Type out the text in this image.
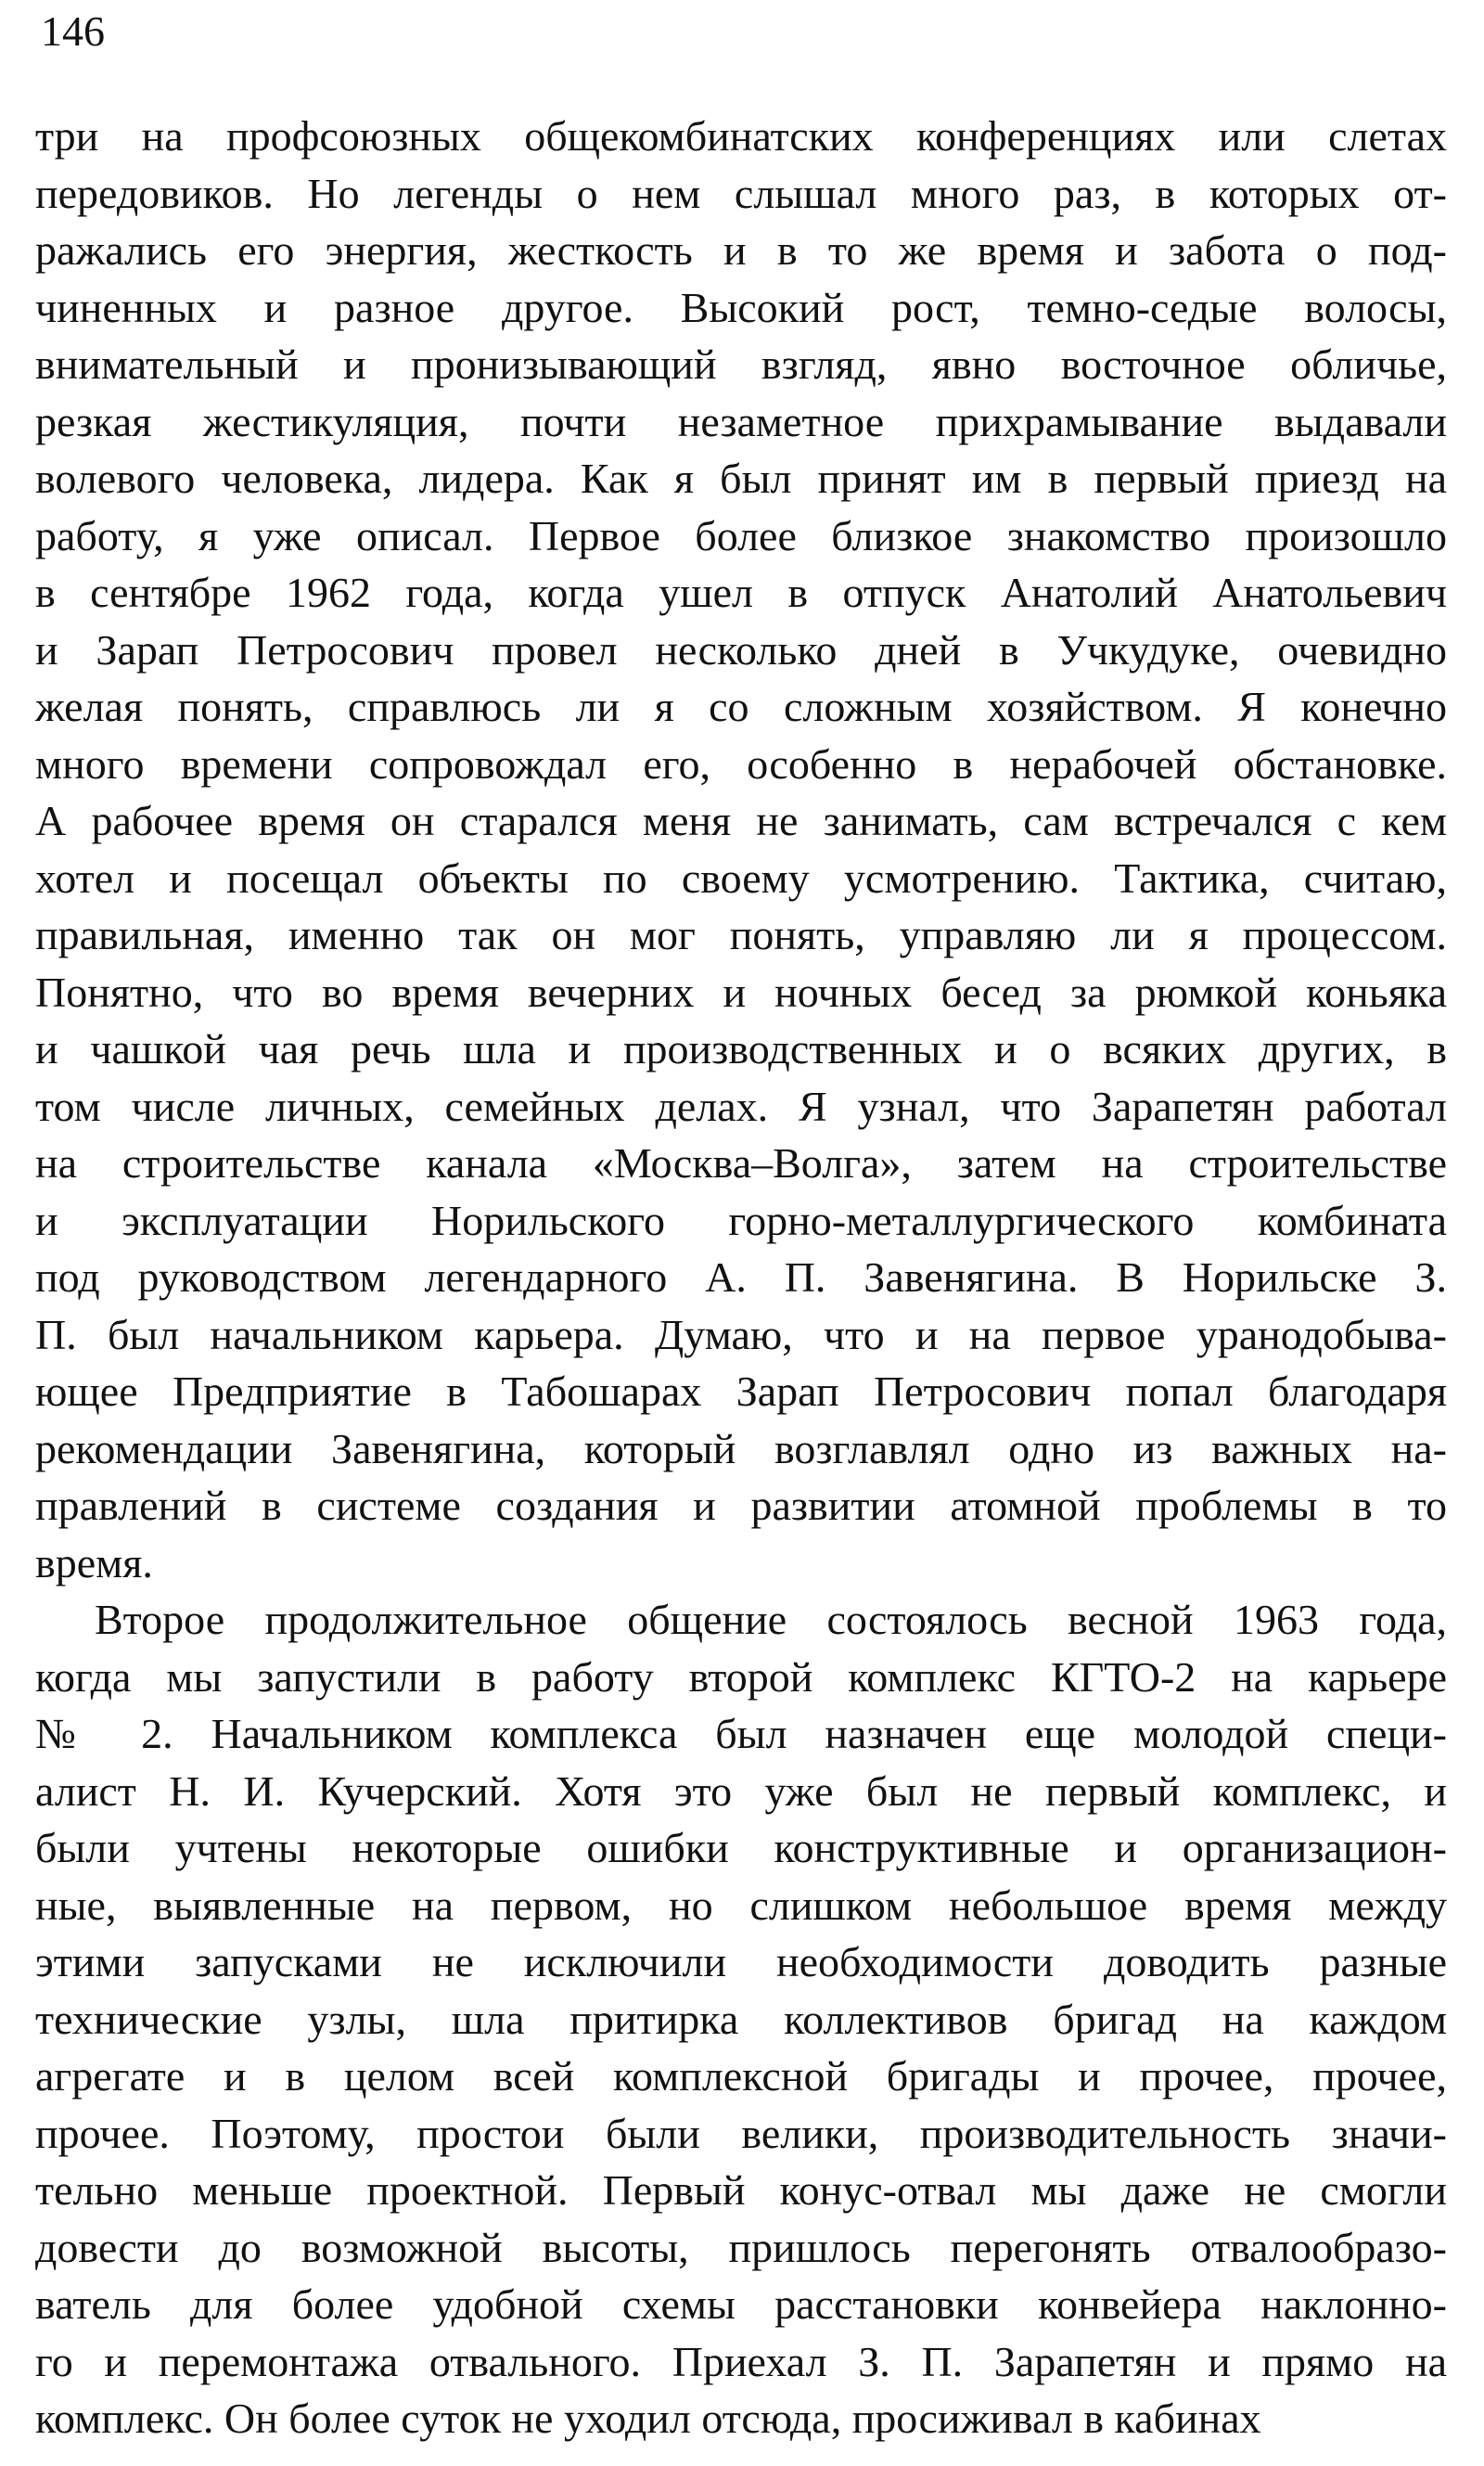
146
три на профсоюзных общекомбинатских конференциях или слетах
передовиков. Но легенды о нем слышал много раз, в которых от-
ражались его энергия, жесткость и в то же время и забота о под-
чиненных и разное другое. Высокий рост, темно-седые волосы,
внимательный и пронизывающий взгляд, явно восточное обличье,
резкая жестикуляция, почти незаметное прихрамывание выдавали
волевого человека, лидера. Как я был принят им в первый приезд на
работу, я уже описал. Первое более близкое знакомство произошло
в сентябре 1962 года, когда ушел в отпуск Анатолий Анатольевич
и Зарап Петросович провел несколько дней в Учкудуке, очевидно
желая понять, справлюсь ли я со сложным хозяйством. Я конечно
много времени сопровождал его, особенно в нерабочей обстановке.
А рабочее время он старался меня не занимать, сам встречался с кем
хотел и посещал объекты по своему усмотрению. Тактика, считаю,
правильная, именно так он мог понять, управляю ли я процессом.
Понятно, что во время вечерних и ночных бесед за рюмкой коньяка
и чашкой чая речь шла и производственных и о всяких других, в
том числе личных, семейных делах. Я узнал, что Зарапетян работал
на строительстве канала «Москва–Волга», затем на строительстве
и эксплуатации Норильского горно-металлургического комбината
под руководством легендарного А. П. Завенягина. В Норильске З.
П. был начальником карьера. Думаю, что и на первое уранодобыва-
ющее Предприятие в Табошарах Зарап Петросович попал благодаря
рекомендации Завенягина, который возглавлял одно из важных на-
правлений в системе создания и развитии атомной проблемы в то
время.
Второе продолжительное общение состоялось весной 1963 года,
когда мы запустили в работу второй комплекс КГТО-2 на карьере
№ 2. Начальником комплекса был назначен еще молодой специ-
алист Н. И. Кучерский. Хотя это уже был не первый комплекс, и
были учтены некоторые ошибки конструктивные и организацион-
ные, выявленные на первом, но слишком небольшое время между
этими запусками не исключили необходимости доводить разные
технические узлы, шла притирка коллективов бригад на каждом
агрегате и в целом всей комплексной бригады и прочее, прочее,
прочее. Поэтому, простои были велики, производительность значи-
тельно меньше проектной. Первый конус-отвал мы даже не смогли
довести до возможной высоты, пришлось перегонять отвалообразо-
ватель для более удобной схемы расстановки конвейера наклонно-
го и перемонтажа отвального. Приехал З. П. Зарапетян и прямо на
комплекс. Он более суток не уходил отсюда, просиживал в кабинах
